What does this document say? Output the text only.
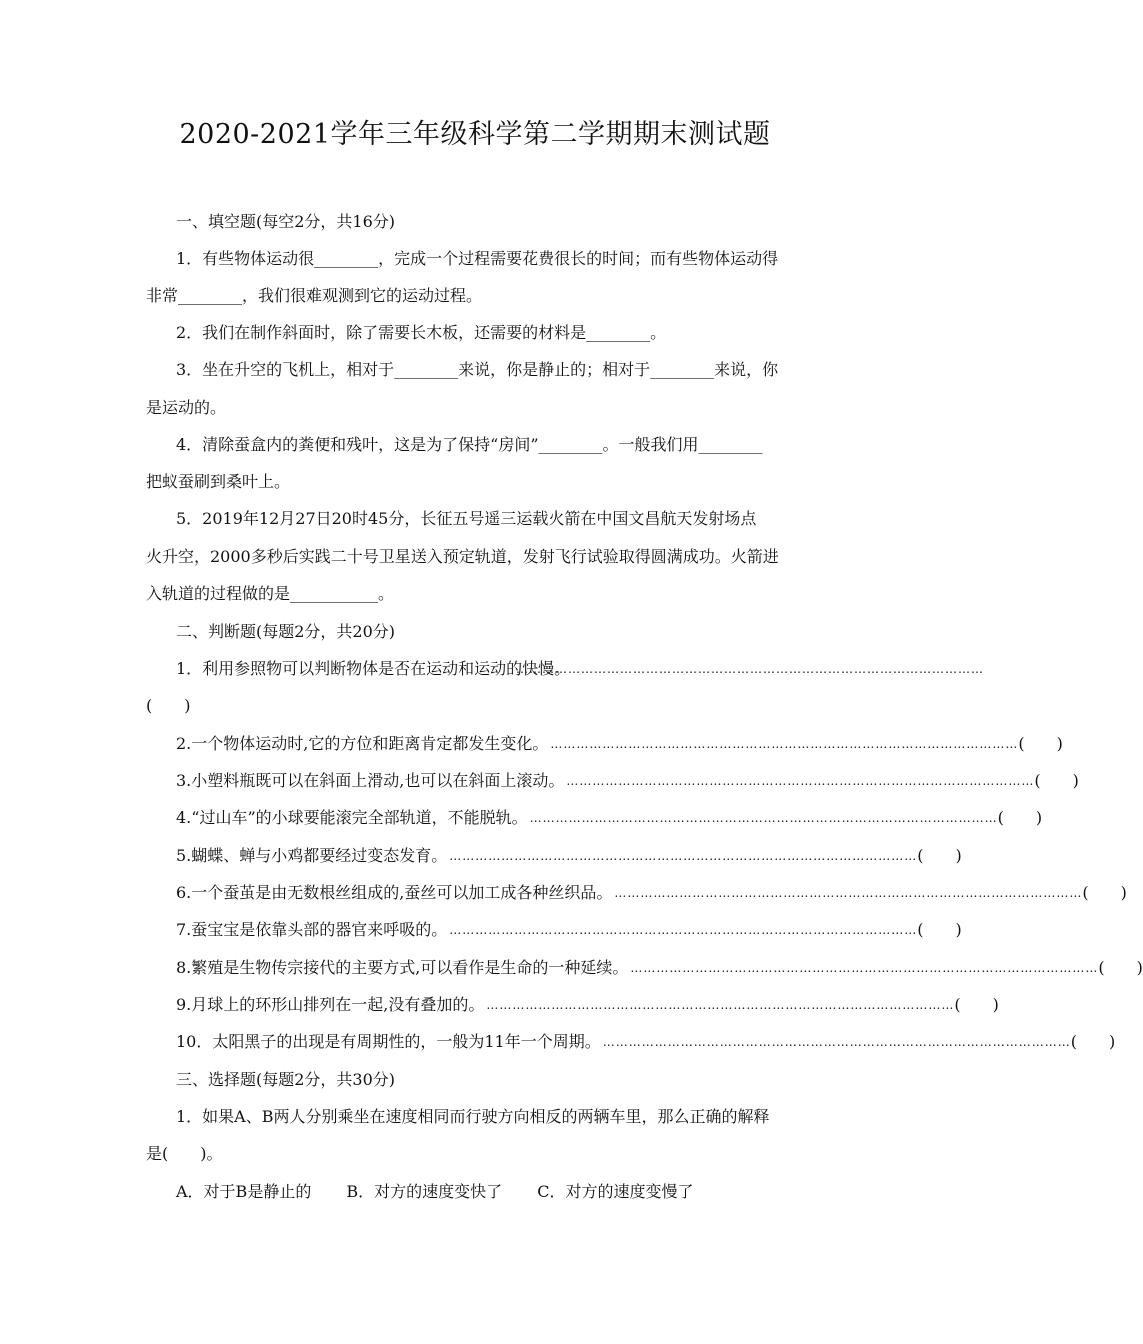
2020-2021学年三年级科学第二学期期末测试题
一、填空题(每空2分，共16分)
1．有些物体运动很________，完成一个过程需要花费很长的时间；而有些物体运动得
非常________，我们很难观测到它的运动过程。
2．我们在制作斜面时，除了需要长木板，还需要的材料是________。
3．坐在升空的飞机上，相对于________来说，你是静止的；相对于________来说，你
是运动的。
4．清除蚕盒内的粪便和残叶，这是为了保持“房间”________。一般我们用________
把蚁蚕刷到桑叶上。
5．2019年12月27日20时45分，长征五号遥三运载火箭在中国文昌航天发射场点
火升空，2000多秒后实践二十号卫星送入预定轨道，发射飞行试验取得圆满成功。火箭进
入轨道的过程做的是___________。
二、判断题(每题2分，共20分)
1．利用参照物可以判断物体是否在运动和运动的快慢。
………………………………………………………………………………………………
(　　)
2.一个物体运动时,它的方位和距离肯定都发生变化。 ……………………………………………………………………………………………… (　　)
3.小塑料瓶既可以在斜面上滑动,也可以在斜面上滚动。 ……………………………………………………………………………………………… (　　)
4.“过山车”的小球要能滚完全部轨道，不能脱轨。 ……………………………………………………………………………………………… (　　)
5.蝴蝶、蝉与小鸡都要经过变态发育。 ……………………………………………………………………………………………… (　　)
6.一个蚕茧是由无数根丝组成的,蚕丝可以加工成各种丝织品。 ……………………………………………………………………………………………… (　　)
7.蚕宝宝是依靠头部的器官来呼吸的。 ……………………………………………………………………………………………… (　　)
8.繁殖是生物传宗接代的主要方式,可以看作是生命的一种延续。 ……………………………………………………………………………………………… (　　)
9.月球上的环形山排列在一起,没有叠加的。 ……………………………………………………………………………………………… (　　)
10．太阳黑子的出现是有周期性的，一般为11年一个周期。 ……………………………………………………………………………………………… (　　)
三、选择题(每题2分，共30分)
1．如果A、B两人分别乘坐在速度相同而行驶方向相反的两辆车里，那么正确的解释
是(　　)。
A．对于B是静止的 B．对方的速度变快了 C．对方的速度变慢了
